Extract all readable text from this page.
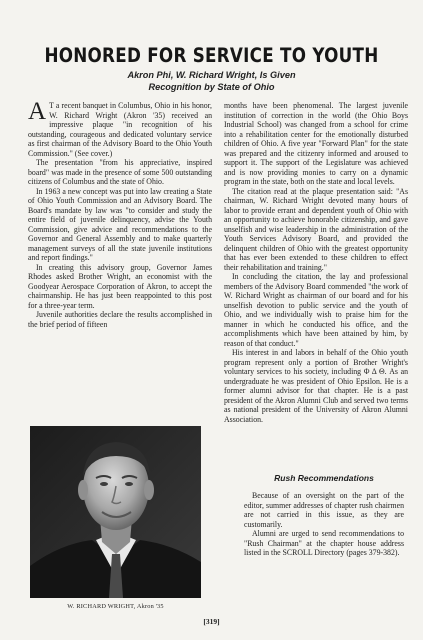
HONORED FOR SERVICE TO YOUTH
Akron Phi, W. Richard Wright, Is Given
Recognition by State of Ohio

A T a recent banquet in Columbus, Ohio in his honor, W. Richard Wright (Akron '35) received an impressive plaque "in recognition of his outstanding, courageous and dedicated voluntary service as first chairman of the Advisory Board to the Ohio Youth Commission." (See cover.)

The presentation "from his appreciative, inspired board" was made in the presence of some 500 outstanding citizens of Columbus and the state of Ohio.

In 1963 a new concept was put into law creating a State of Ohio Youth Commission and an Advisory Board. The Board's mandate by law was "to consider and study the entire field of juvenile delinquency, advise the Youth Commission, give advice and recommendations to the Governor and General Assembly and to make quarterly management surveys of all the state juvenile institutions and report findings."

In creating this advisory group, Governor James Rhodes asked Brother Wright, an economist with the Goodyear Aerospace Corporation of Akron, to accept the chairmanship. He has just been reappointed to this post for a three-year term.

Juvenile authorities declare the results accomplished in the brief period of fifteen

W. RICHARD WRIGHT, Akron '35

months have been phenomenal. The largest juvenile institution of correction in the world (the Ohio Boys Industrial School) was changed from a school for crime into a rehabilitation center for the emotionally disturbed children of Ohio. A five year "Forward Plan" for the state was prepared and the citizenry informed and aroused to support it. The support of the Legislature was achieved and is now providing monies to carry on a dynamic program in the state, both on the state and local levels.

The citation read at the plaque presentation said: "As chairman, W. Richard Wright devoted many hours of labor to provide errant and dependent youth of Ohio with an opportunity to achieve honorable citizenship, and gave unselfish and wise leadership in the administration of the Youth Services Advisory Board, and provided the delinquent children of Ohio with the greatest opportunity that has ever been extended to these children to effect their rehabilitation and training."

In concluding the citation, the lay and professional members of the Advisory Board commended "the work of W. Richard Wright as chairman of our board and for his unselfish devotion to public service and the youth of Ohio, and we individually wish to praise him for the manner in which he conducted his office, and the accomplishments which have been attained by him, by reason of that conduct."

His interest in and labors in behalf of the Ohio youth program represent only a portion of Brother Wright's voluntary services to his society, including Φ Δ Θ. As an undergraduate he was president of Ohio Epsilon. He is a former alumni advisor for that chapter. He is a past president of the Akron Alumni Club and served two terms as national president of the University of Akron Alumni Association.

Rush Recommendations

Because of an oversight on the part of the editor, summer addresses of chapter rush chairmen are not carried in this issue, as they are customarily.

Alumni are urged to send recommendations to "Rush Chairman" at the chapter house address listed in the SCROLL Directory (pages 379-382).

[319]
